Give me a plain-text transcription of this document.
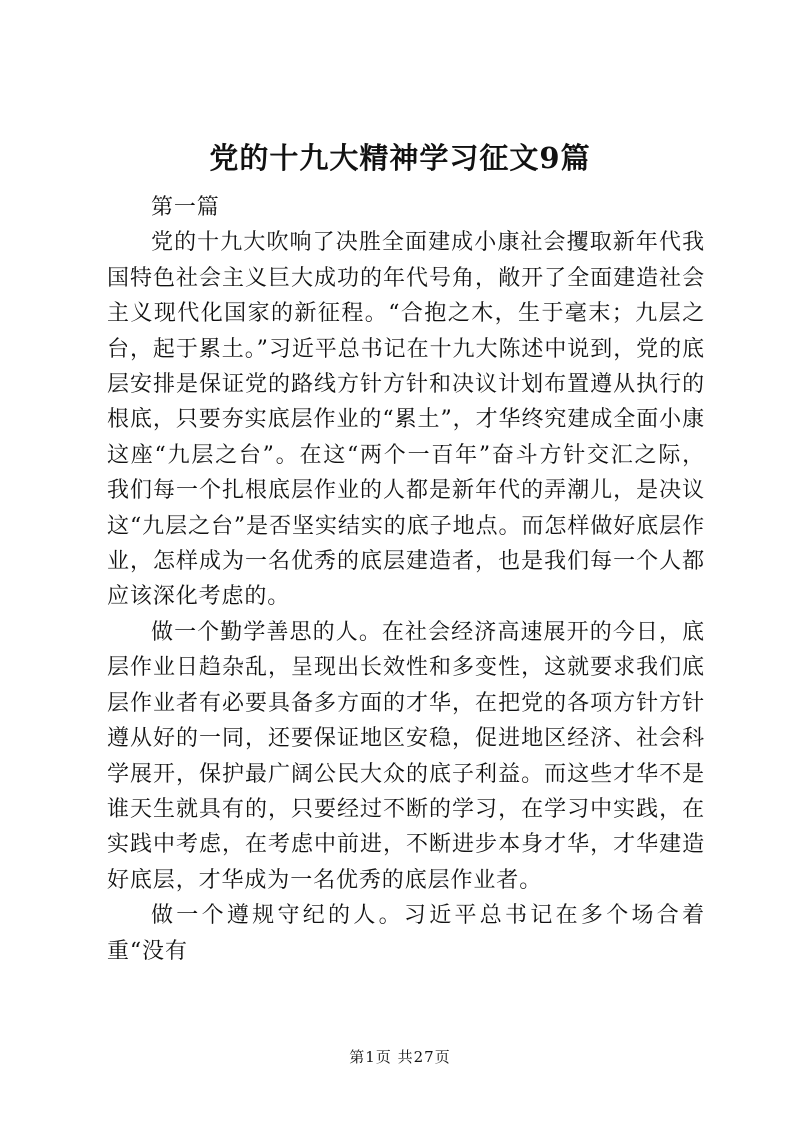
党的十九大精神学习征文9篇

第一篇

党的十九大吹响了决胜全面建成小康社会攫取新年代我国特色社会主义巨大成功的年代号角，敞开了全面建造社会主义现代化国家的新征程。“合抱之木，生于毫末；九层之台，起于累土。”习近平总书记在十九大陈述中说到，党的底层安排是保证党的路线方针方针和决议计划布置遵从执行的根底，只要夯实底层作业的“累土”，才华终究建成全面小康这座“九层之台”。在这“两个一百年”奋斗方针交汇之际，我们每一个扎根底层作业的人都是新年代的弄潮儿，是决议这“九层之台”是否坚实结实的底子地点。而怎样做好底层作业，怎样成为一名优秀的底层建造者，也是我们每一个人都应该深化考虑的。

做一个勤学善思的人。在社会经济高速展开的今日，底层作业日趋杂乱，呈现出长效性和多变性，这就要求我们底层作业者有必要具备多方面的才华，在把党的各项方针方针遵从好的一同，还要保证地区安稳，促进地区经济、社会科学展开，保护最广阔公民大众的底子利益。而这些才华不是谁天生就具有的，只要经过不断的学习，在学习中实践，在实践中考虑，在考虑中前进，不断进步本身才华，才华建造好底层，才华成为一名优秀的底层作业者。

做一个遵规守纪的人。习近平总书记在多个场合着重“没有

第1页 共27页
